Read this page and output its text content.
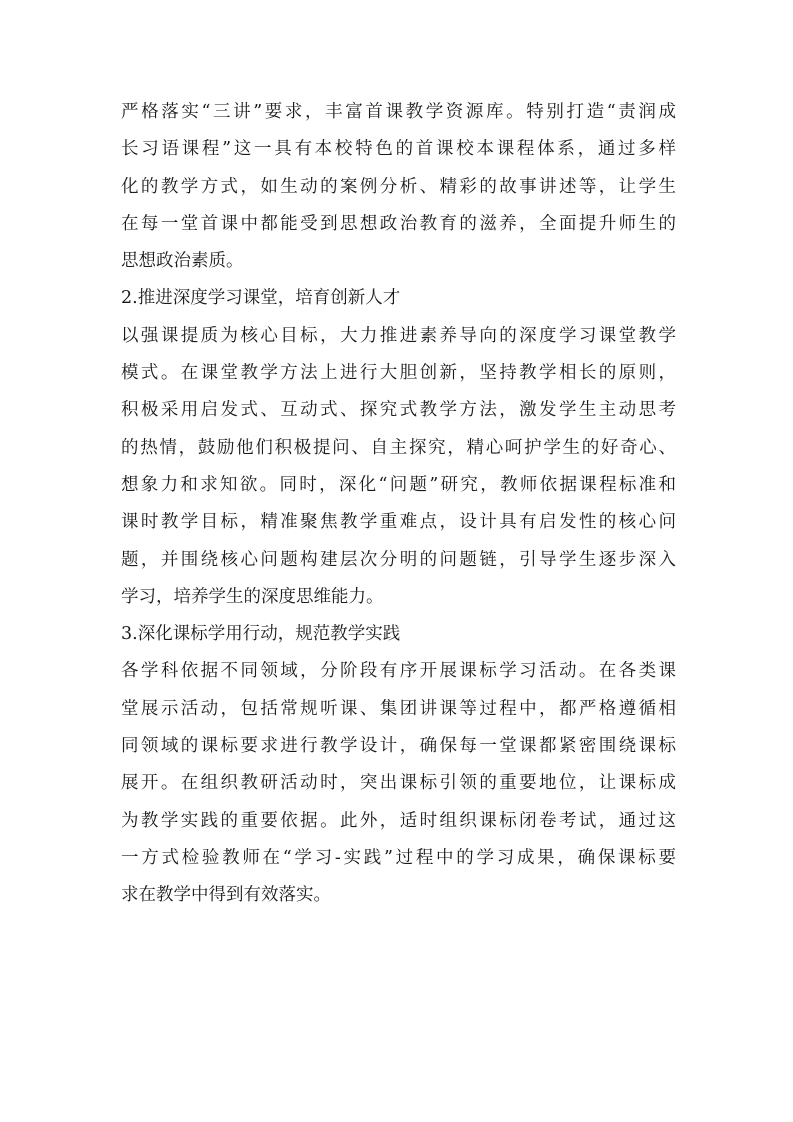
严格落实“三讲”要求，丰富首课教学资源库。特别打造“责润成
长习语课程”这一具有本校特色的首课校本课程体系，通过多样
化的教学方式，如生动的案例分析、精彩的故事讲述等，让学生
在每一堂首课中都能受到思想政治教育的滋养，全面提升师生的
思想政治素质。
2.推进深度学习课堂，培育创新人才
以强课提质为核心目标，大力推进素养导向的深度学习课堂教学
模式。在课堂教学方法上进行大胆创新，坚持教学相长的原则，
积极采用启发式、互动式、探究式教学方法，激发学生主动思考
的热情，鼓励他们积极提问、自主探究，精心呵护学生的好奇心、
想象力和求知欲。同时，深化“问题”研究，教师依据课程标准和
课时教学目标，精准聚焦教学重难点，设计具有启发性的核心问
题，并围绕核心问题构建层次分明的问题链，引导学生逐步深入
学习，培养学生的深度思维能力。
3.深化课标学用行动，规范教学实践
各学科依据不同领域，分阶段有序开展课标学习活动。在各类课
堂展示活动，包括常规听课、集团讲课等过程中，都严格遵循相
同领域的课标要求进行教学设计，确保每一堂课都紧密围绕课标
展开。在组织教研活动时，突出课标引领的重要地位，让课标成
为教学实践的重要依据。此外，适时组织课标闭卷考试，通过这
一方式检验教师在“学习-实践”过程中的学习成果，确保课标要
求在教学中得到有效落实。
